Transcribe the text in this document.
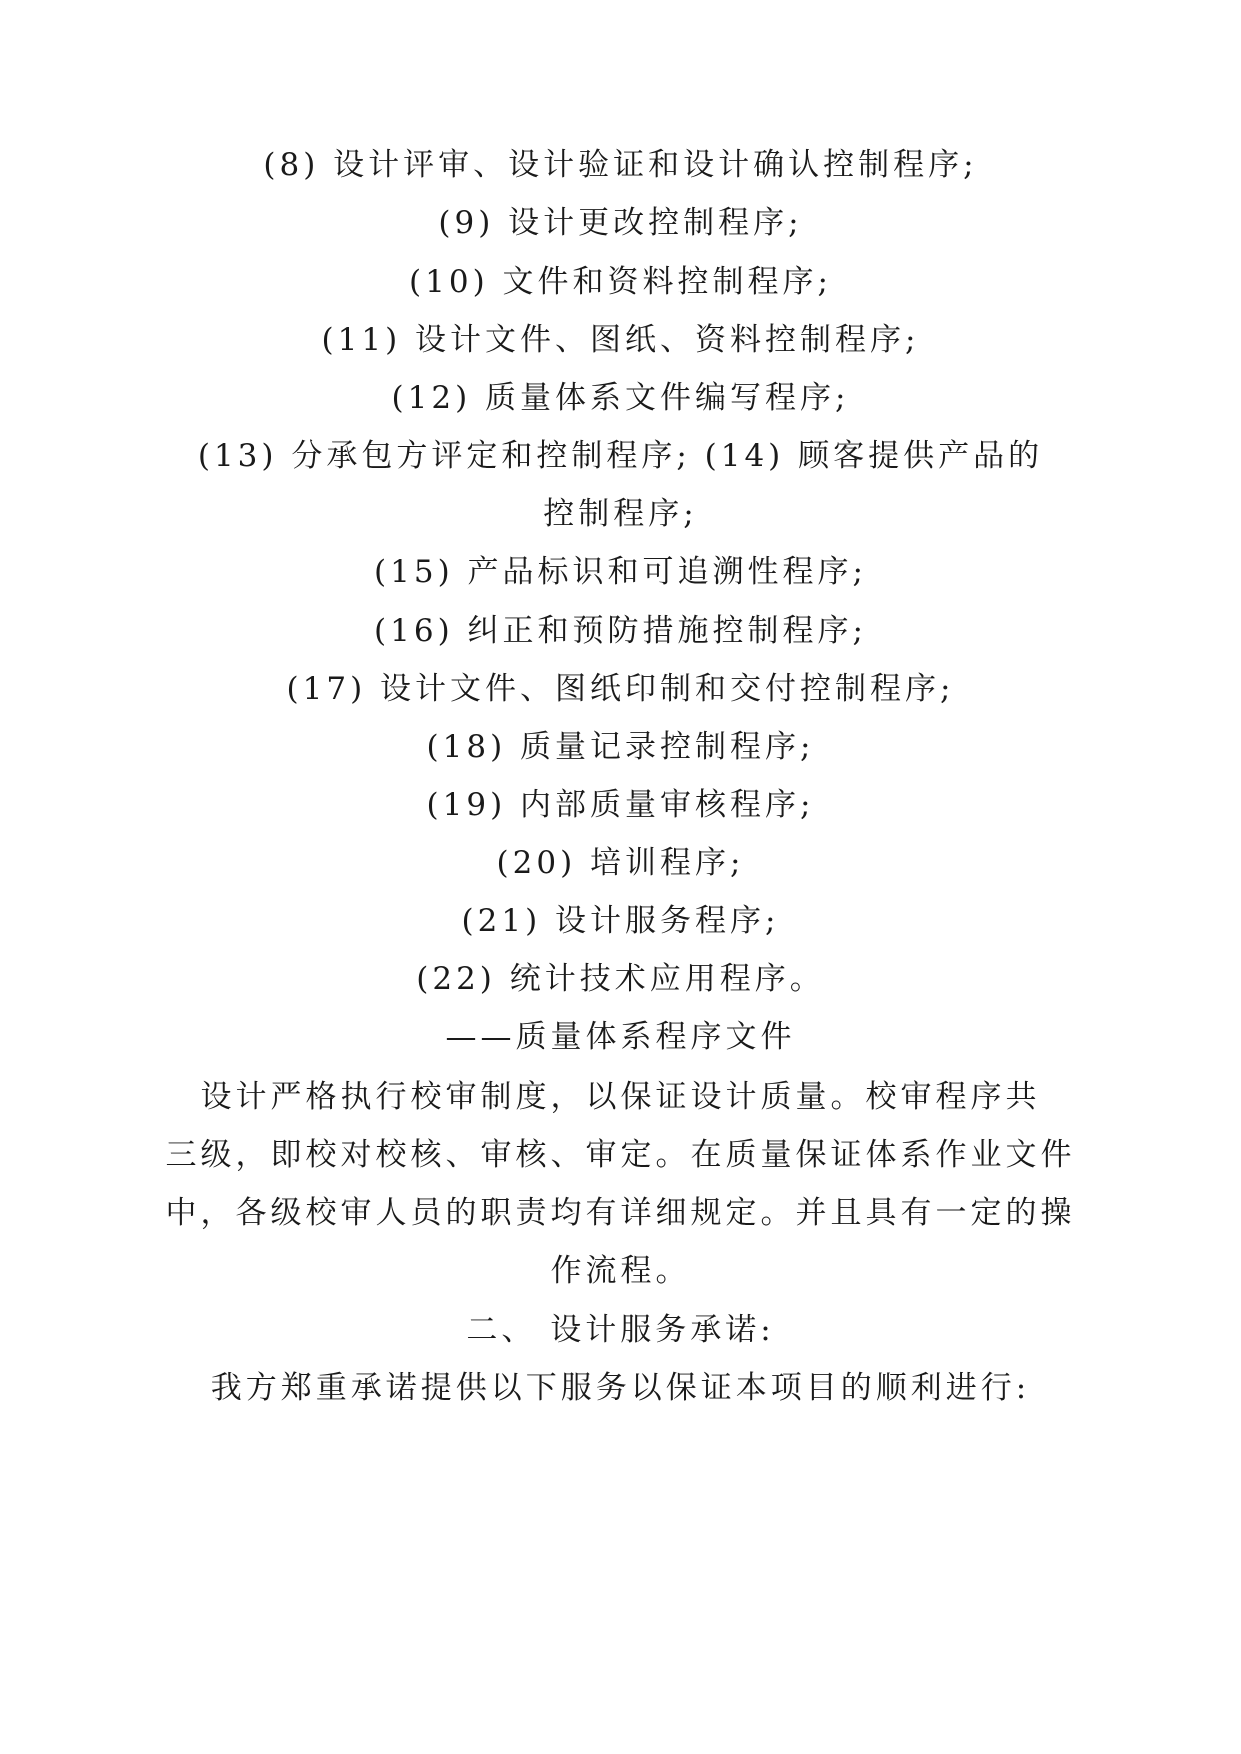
(8) 设计评审、设计验证和设计确认控制程序;
(9) 设计更改控制程序;
(10) 文件和资料控制程序;
(11) 设计文件、图纸、资料控制程序;
(12) 质量体系文件编写程序;
(13) 分承包方评定和控制程序; (14) 顾客提供产品的
控制程序;
(15) 产品标识和可追溯性程序;
(16) 纠正和预防措施控制程序;
(17) 设计文件、图纸印制和交付控制程序;
(18) 质量记录控制程序;
(19) 内部质量审核程序;
(20) 培训程序;
(21) 设计服务程序;
(22) 统计技术应用程序。
——质量体系程序文件
设计严格执行校审制度，以保证设计质量。校审程序共
三级，即校对校核、审核、审定。在质量保证体系作业文件
中，各级校审人员的职责均有详细规定。并且具有一定的操
作流程。
二、 设计服务承诺:
我方郑重承诺提供以下服务以保证本项目的顺利进行:
